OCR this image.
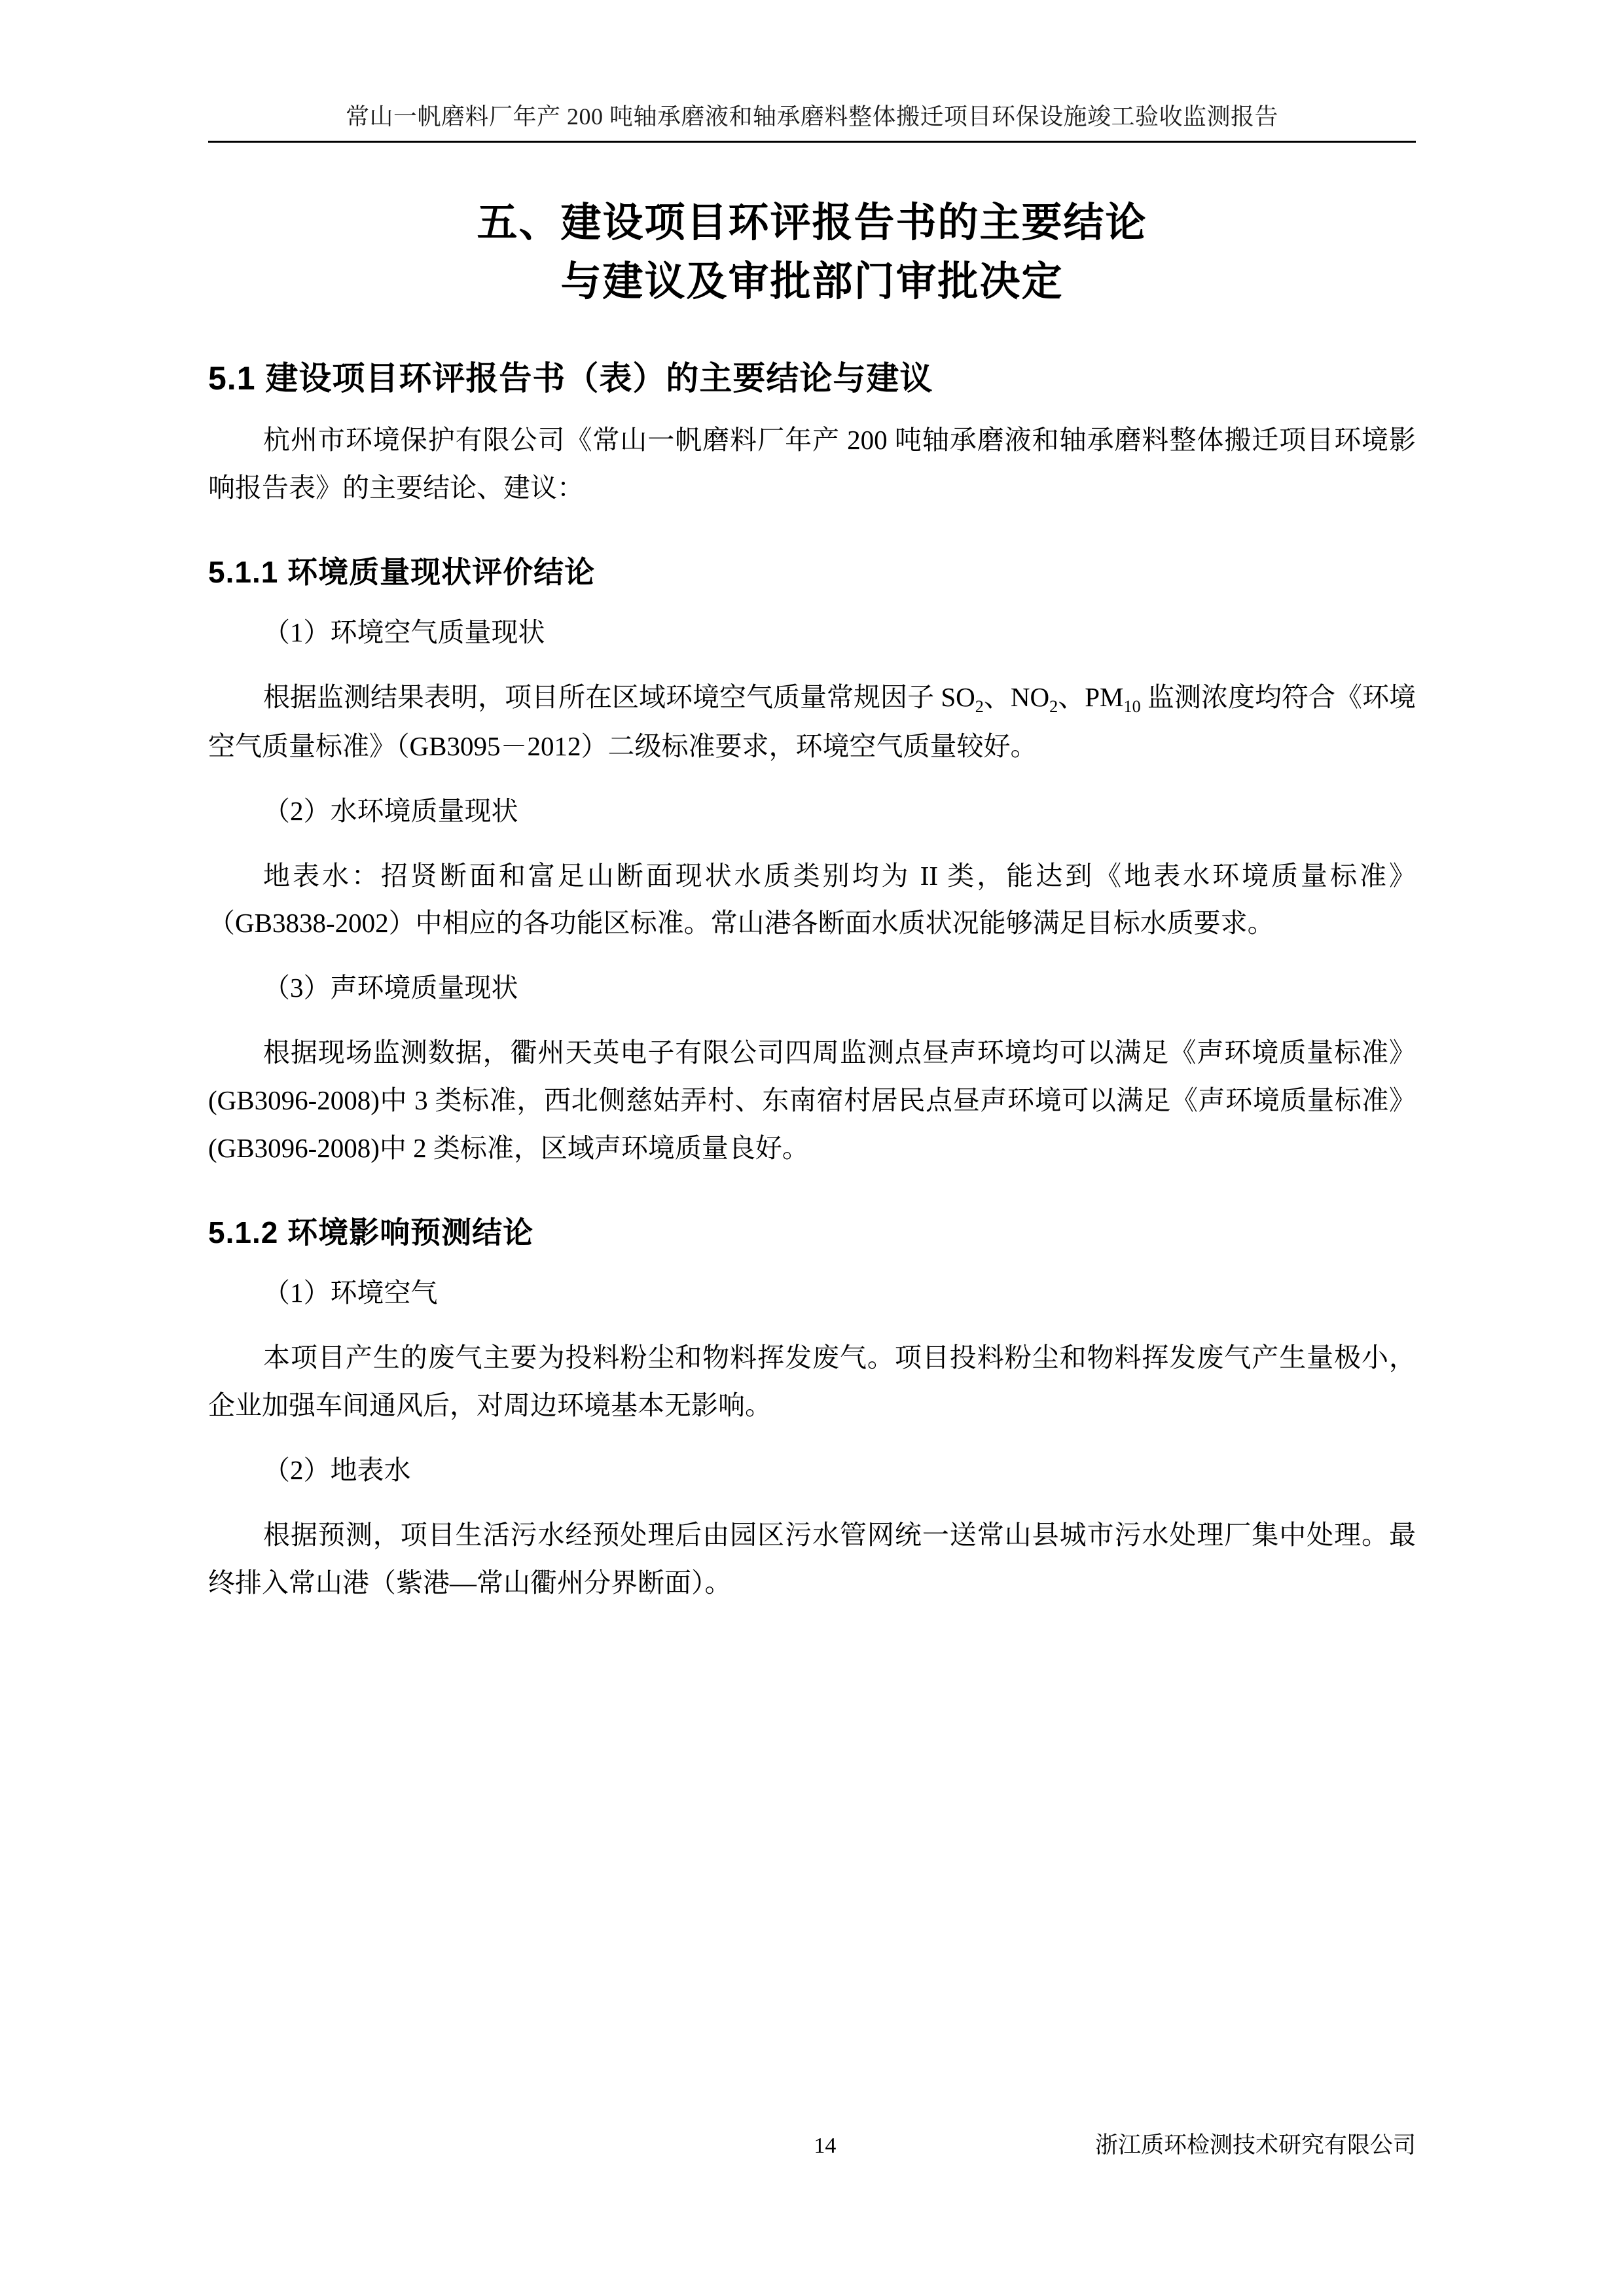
常山一帆磨料厂年产 200 吨轴承磨液和轴承磨料整体搬迁项目环保设施竣工验收监测报告
五、建设项目环评报告书的主要结论
与建议及审批部门审批决定
5.1 建设项目环评报告书（表）的主要结论与建议

杭州市环境保护有限公司《常山一帆磨料厂年产 200 吨轴承磨液和轴承磨料整体搬迁项目环境影响报告表》的主要结论、建议：

5.1.1 环境质量现状评价结论

（1）环境空气质量现状

根据监测结果表明，项目所在区域环境空气质量常规因子 $SO_2$、$NO_2$、$PM_{10}$ 监测浓度均符合《环境空气质量标准》（GB3095－2012）二级标准要求，环境空气质量较好。

（2）水环境质量现状

地表水：招贤断面和富足山断面现状水质类别均为 II 类，能达到《地表水环境质量标准》（GB3838-2002）中相应的各功能区标准。常山港各断面水质状况能够满足目标水质要求。

（3）声环境质量现状

根据现场监测数据，衢州天英电子有限公司四周监测点昼声环境均可以满足《声环境质量标准》(GB3096-2008)中 3 类标准，西北侧慈姑弄村、东南宿村居民点昼声环境可以满足《声环境质量标准》(GB3096-2008)中 2 类标准，区域声环境质量良好。

5.1.2 环境影响预测结论

（1）环境空气

本项目产生的废气主要为投料粉尘和物料挥发废气。项目投料粉尘和物料挥发废气产生量极小，企业加强车间通风后，对周边环境基本无影响。

（2）地表水

根据预测，项目生活污水经预处理后由园区污水管网统一送常山县城市污水处理厂集中处理。最终排入常山港（紫港—常山衢州分界断面）。

14	浙江质环检测技术研究有限公司
